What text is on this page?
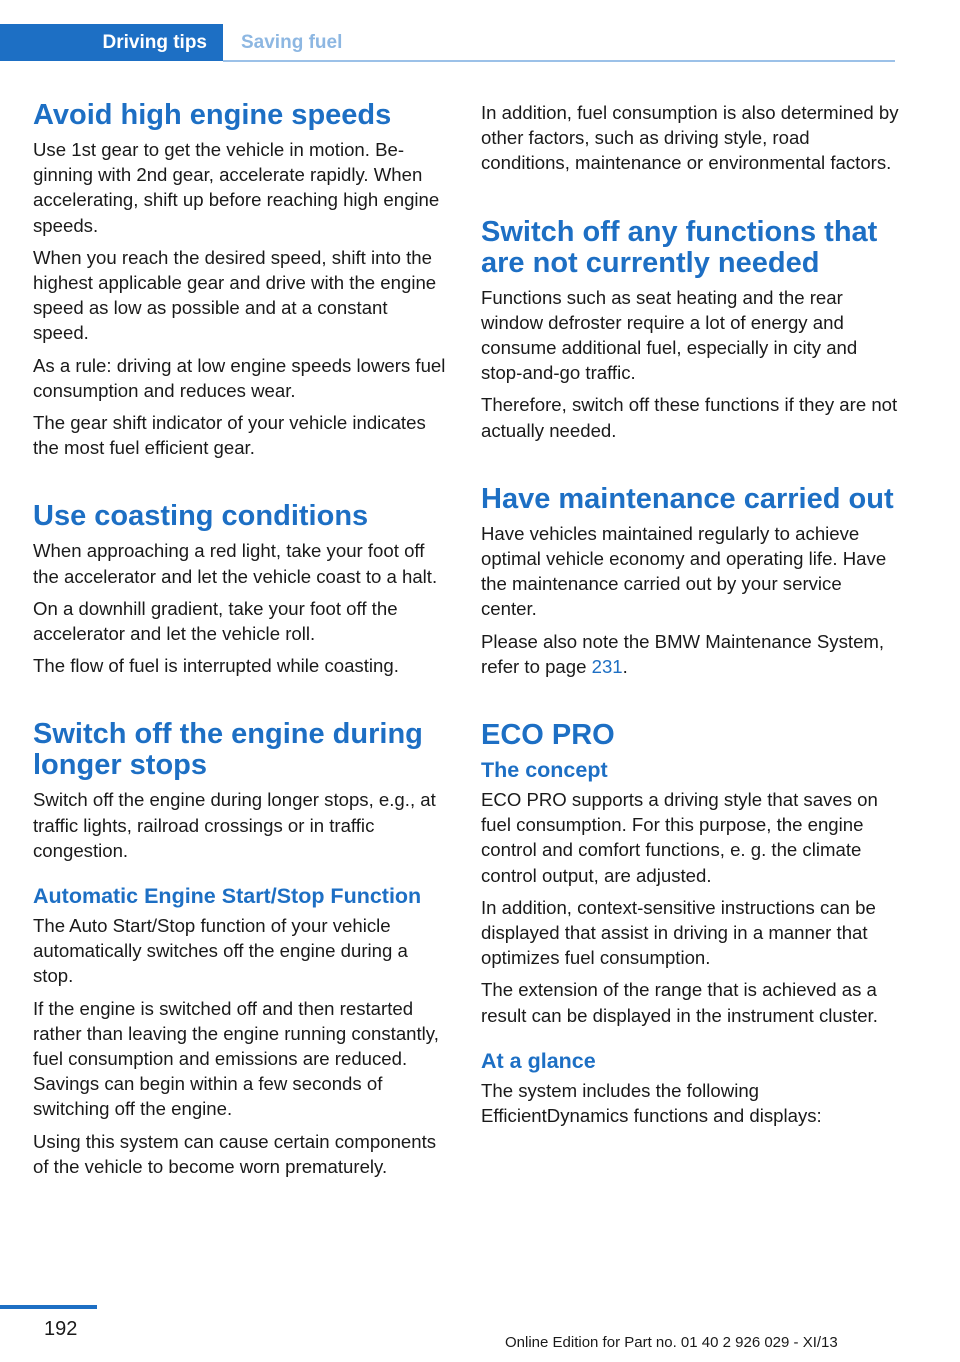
Driving tips Saving fuel
Avoid high engine speeds

Use 1st gear to get the vehicle in motion. Beginning with 2nd gear, accelerate rapidly. When accelerating, shift up before reaching high engine speeds.

When you reach the desired speed, shift into the highest applicable gear and drive with the engine speed as low as possible and at a constant speed.

As a rule: driving at low engine speeds lowers fuel consumption and reduces wear.

The gear shift indicator of your vehicle indicates the most fuel efficient gear.

Use coasting conditions

When approaching a red light, take your foot off the accelerator and let the vehicle coast to a halt.

On a downhill gradient, take your foot off the accelerator and let the vehicle roll.

The flow of fuel is interrupted while coasting.

Switch off the engine during longer stops

Switch off the engine during longer stops, e.g., at traffic lights, railroad crossings or in traffic congestion.

Automatic Engine Start/Stop Function

The Auto Start/Stop function of your vehicle automatically switches off the engine during a stop.

If the engine is switched off and then restarted rather than leaving the engine running constantly, fuel consumption and emissions are reduced. Savings can begin within a few seconds of switching off the engine.

Using this system can cause certain components of the vehicle to become worn prematurely.

In addition, fuel consumption is also determined by other factors, such as driving style, road conditions, maintenance or environmental factors.

Switch off any functions that are not currently needed

Functions such as seat heating and the rear window defroster require a lot of energy and consume additional fuel, especially in city and stop-and-go traffic.

Therefore, switch off these functions if they are not actually needed.

Have maintenance carried out

Have vehicles maintained regularly to achieve optimal vehicle economy and operating life. Have the maintenance carried out by your service center.

Please also note the BMW Maintenance System, refer to page 231.

ECO PRO
The concept

ECO PRO supports a driving style that saves on fuel consumption. For this purpose, the engine control and comfort functions, e. g. the climate control output, are adjusted.

In addition, context-sensitive instructions can be displayed that assist in driving in a manner that optimizes fuel consumption.

The extension of the range that is achieved as a result can be displayed in the instrument cluster.

At a glance

The system includes the following EfficientDynamics functions and displays:

192
Online Edition for Part no. 01 40 2 926 029 - XI/13
